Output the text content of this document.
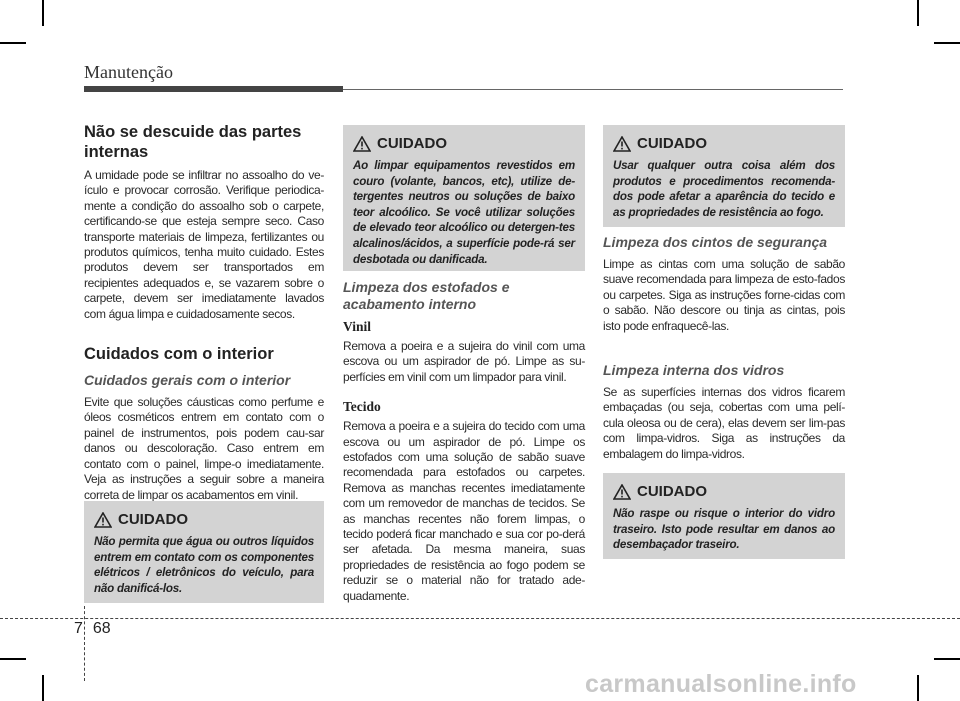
Manutenção
Não se descuide das partes internas

A umidade pode se infiltrar no assoalho do ve-ículo e provocar corrosão. Verifique periodica-mente a condição do assoalho sob o carpete, certificando-se que esteja sempre seco. Caso transporte materiais de limpeza, fertilizantes ou produtos químicos, tenha muito cuidado. Estes produtos devem ser transportados em recipientes adequados e, se vazarem sobre o carpete, devem ser imediatamente lavados com água limpa e cuidadosamente secos.

Cuidados com o interior
Cuidados gerais com o interior

Evite que soluções cáusticas como perfume e óleos cosméticos entrem em contato com o painel de instrumentos, pois podem cau-sar danos ou descoloração. Caso entrem em contato com o painel, limpe-o imediatamente. Veja as instruções a seguir sobre a maneira correta de limpar os acabamentos em vinil.

CUIDADO
Não permita que água ou outros líquidos entrem em contato com os componentes elétricos / eletrônicos do veículo, para não danificá-los.
CUIDADO
Ao limpar equipamentos revestidos em couro (volante, bancos, etc), utilize de-tergentes neutros ou soluções de baixo teor alcoólico. Se você utilizar soluções de elevado teor alcoólico ou detergen-tes alcalinos/ácidos, a superfície pode-rá ser desbotada ou danificada.
Limpeza dos estofados e acabamento interno
Vinil

Remova a poeira e a sujeira do vinil com uma escova ou um aspirador de pó. Limpe as su-perfícies em vinil com um limpador para vinil.

Tecido

Remova a poeira e a sujeira do tecido com uma escova ou um aspirador de pó. Limpe os estofados com uma solução de sabão suave recomendada para estofados ou carpetes. Remova as manchas recentes imediatamente com um removedor de manchas de tecidos. Se as manchas recentes não forem limpas, o tecido poderá ficar manchado e sua cor po-derá ser afetada. Da mesma maneira, suas propriedades de resistência ao fogo podem se reduzir se o material não for tratado ade-quadamente.

CUIDADO
Usar qualquer outra coisa além dos produtos e procedimentos recomenda-dos pode afetar a aparência do tecido e as propriedades de resistência ao fogo.
Limpeza dos cintos de segurança

Limpe as cintas com uma solução de sabão suave recomendada para limpeza de esto-fados ou carpetes. Siga as instruções forne-cidas com o sabão. Não descore ou tinja as cintas, pois isto pode enfraquecê-las.

Limpeza interna dos vidros

Se as superfícies internas dos vidros ficarem embaçadas (ou seja, cobertas com uma pelí-cula oleosa ou de cera), elas devem ser lim-pas com limpa-vidros. Siga as instruções da embalagem do limpa-vidros.

CUIDADO
Não raspe ou risque o interior do vidro traseiro. Isto pode resultar em danos ao desembaçador traseiro.
7 68
carmanualsonline.info
